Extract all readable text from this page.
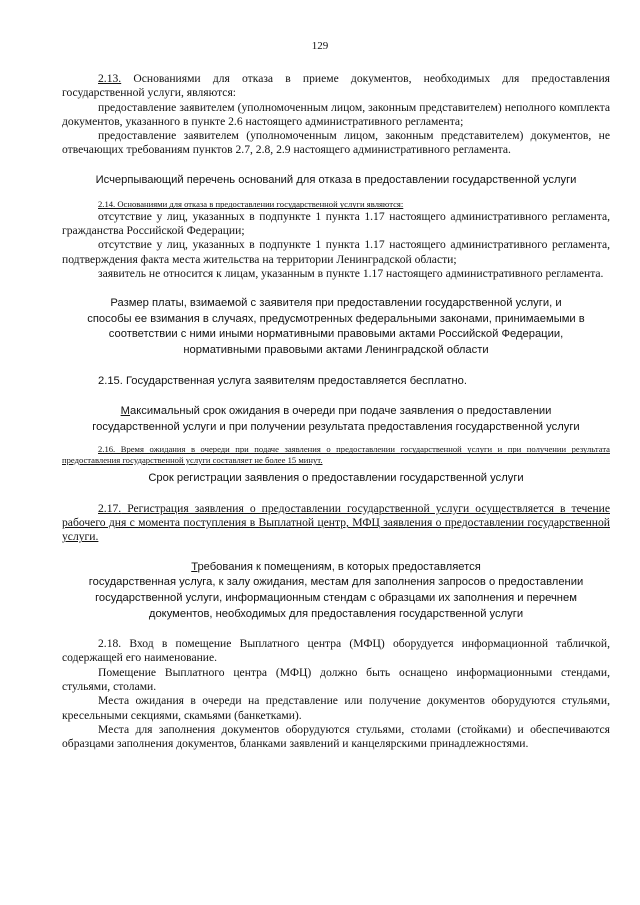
129

2.13. Основаниями для отказа в приеме документов, необходимых для предоставления государственной услуги, являются:

предоставление заявителем (уполномоченным лицом, законным представителем) неполного комплекта документов, указанного в пункте 2.6 настоящего административного регламента;

предоставление заявителем (уполномоченным лицом, законным представителем) документов, не отвечающих требованиям пунктов 2.7, 2.8, 2.9 настоящего административного регламента.

Исчерпывающий перечень оснований для отказа в предоставлении государственной услуги

2.14. Основаниями для отказа в предоставлении государственной услуги являются:

отсутствие у лиц, указанных в подпункте 1 пункта 1.17 настоящего административного регламента, гражданства Российской Федерации;

отсутствие у лиц, указанных в подпункте 1 пункта 1.17 настоящего административного регламента, подтверждения факта места жительства на территории Ленинградской области;

заявитель не относится к лицам, указанным в пункте 1.17 настоящего административного регламента.

Размер платы, взимаемой с заявителя при предоставлении государственной услуги, и
способы ее взимания в случаях, предусмотренных федеральными законами, принимаемыми в
соответствии с ними иными нормативными правовыми актами Российской Федерации,
нормативными правовыми актами Ленинградской области

2.15. Государственная услуга заявителям предоставляется бесплатно.

Максимальный срок ожидания в очереди при подаче заявления о предоставлении
государственной услуги и при получении результата предоставления государственной услуги

2.16. Время ожидания в очереди при подаче заявления о предоставлении государственной услуги и при получении результата предоставления государственной услуги составляет не более 15 минут.

Срок регистрации заявления о предоставлении государственной услуги

2.17. Регистрация заявления о предоставлении государственной услуги осуществляется в течение рабочего дня с момента поступления в Выплатной центр, МФЦ заявления о предоставлении государственной услуги.

Требования к помещениям, в которых предоставляется
государственная услуга, к залу ожидания, местам для заполнения запросов о предоставлении
государственной услуги, информационным стендам с образцами их заполнения и перечнем
документов, необходимых для предоставления государственной услуги

2.18. Вход в помещение Выплатного центра (МФЦ) оборудуется информационной табличкой, содержащей его наименование.

Помещение Выплатного центра (МФЦ) должно быть оснащено информационными стендами, стульями, столами.

Места ожидания в очереди на представление или получение документов оборудуются стульями, кресельными секциями, скамьями (банкетками).

Места для заполнения документов оборудуются стульями, столами (стойками) и обеспечиваются образцами заполнения документов, бланками заявлений и канцелярскими принадлежностями.
